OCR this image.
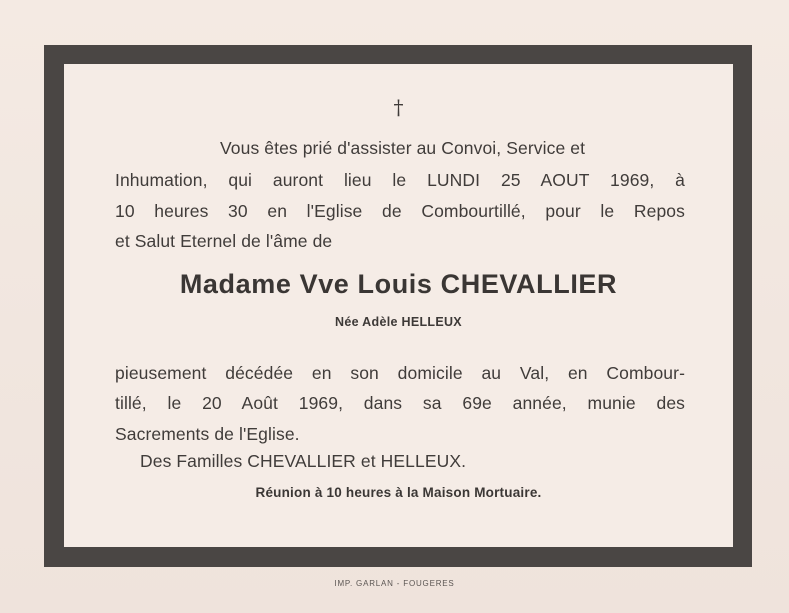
†
Vous êtes prié d'assister au Convoi, Service et
Inhumation, qui auront lieu le LUNDI 25 AOUT 1969, à
10 heures 30 en l'Eglise de Combourtillé, pour le Repos
et Salut Eternel de l'âme de
Madame Vve Louis CHEVALLIER
Née Adèle HELLEUX
pieusement décédée en son domicile au Val, en Combour-
tillé, le 20 Août 1969, dans sa 69e année, munie des
Sacrements de l'Eglise.
Des Familles CHEVALLIER et HELLEUX.
Réunion à 10 heures à la Maison Mortuaire.
IMP. GARLAN - FOUGERES
